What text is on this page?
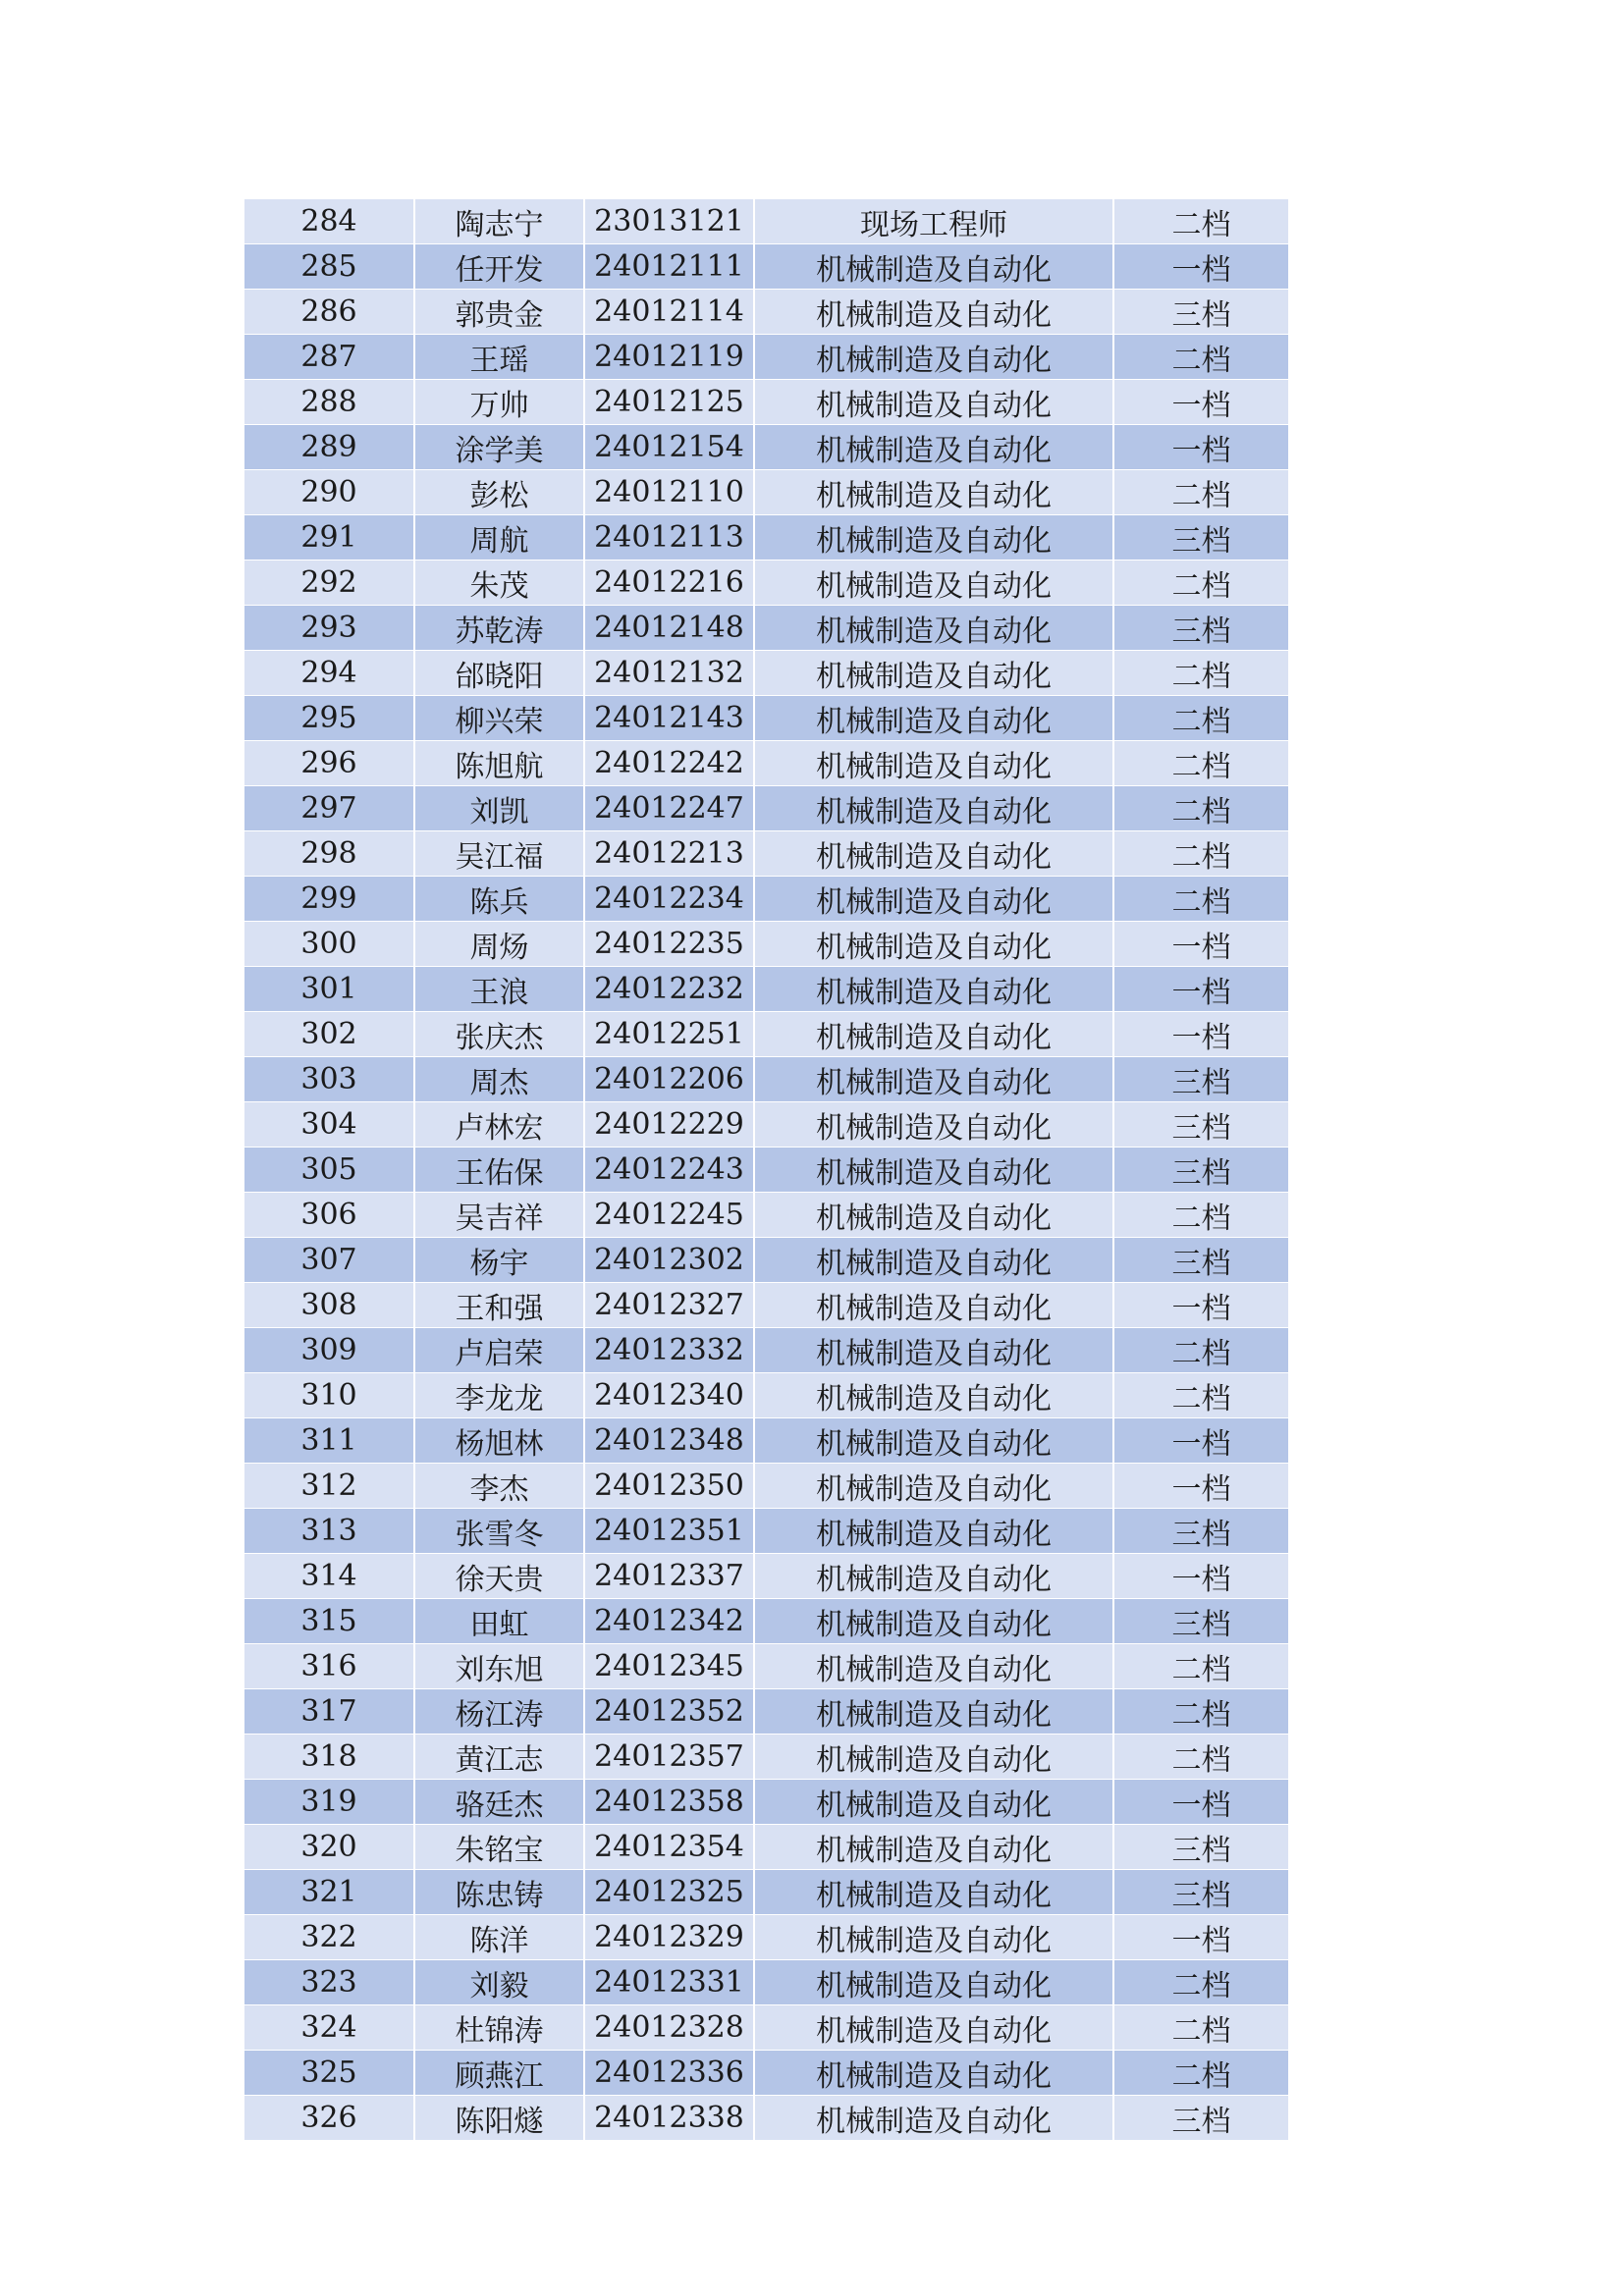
284	陶志宁	23013121	现场工程师	二档
285	任开发	24012111	机械制造及自动化	一档
286	郭贵金	24012114	机械制造及自动化	三档
287	王瑶	24012119	机械制造及自动化	二档
288	万帅	24012125	机械制造及自动化	一档
289	涂学美	24012154	机械制造及自动化	一档
290	彭松	24012110	机械制造及自动化	二档
291	周航	24012113	机械制造及自动化	三档
292	朱茂	24012216	机械制造及自动化	二档
293	苏乾涛	24012148	机械制造及自动化	三档
294	邰晓阳	24012132	机械制造及自动化	二档
295	柳兴荣	24012143	机械制造及自动化	二档
296	陈旭航	24012242	机械制造及自动化	二档
297	刘凯	24012247	机械制造及自动化	二档
298	吴江福	24012213	机械制造及自动化	二档
299	陈兵	24012234	机械制造及自动化	二档
300	周炀	24012235	机械制造及自动化	一档
301	王浪	24012232	机械制造及自动化	一档
302	张庆杰	24012251	机械制造及自动化	一档
303	周杰	24012206	机械制造及自动化	三档
304	卢林宏	24012229	机械制造及自动化	三档
305	王佑保	24012243	机械制造及自动化	三档
306	吴吉祥	24012245	机械制造及自动化	二档
307	杨宇	24012302	机械制造及自动化	三档
308	王和强	24012327	机械制造及自动化	一档
309	卢启荣	24012332	机械制造及自动化	二档
310	李龙龙	24012340	机械制造及自动化	二档
311	杨旭林	24012348	机械制造及自动化	一档
312	李杰	24012350	机械制造及自动化	一档
313	张雪冬	24012351	机械制造及自动化	三档
314	徐天贵	24012337	机械制造及自动化	一档
315	田虹	24012342	机械制造及自动化	三档
316	刘东旭	24012345	机械制造及自动化	二档
317	杨江涛	24012352	机械制造及自动化	二档
318	黄江志	24012357	机械制造及自动化	二档
319	骆廷杰	24012358	机械制造及自动化	一档
320	朱铭宝	24012354	机械制造及自动化	三档
321	陈忠铸	24012325	机械制造及自动化	三档
322	陈洋	24012329	机械制造及自动化	一档
323	刘毅	24012331	机械制造及自动化	二档
324	杜锦涛	24012328	机械制造及自动化	二档
325	顾燕江	24012336	机械制造及自动化	二档
326	陈阳燧	24012338	机械制造及自动化	三档
